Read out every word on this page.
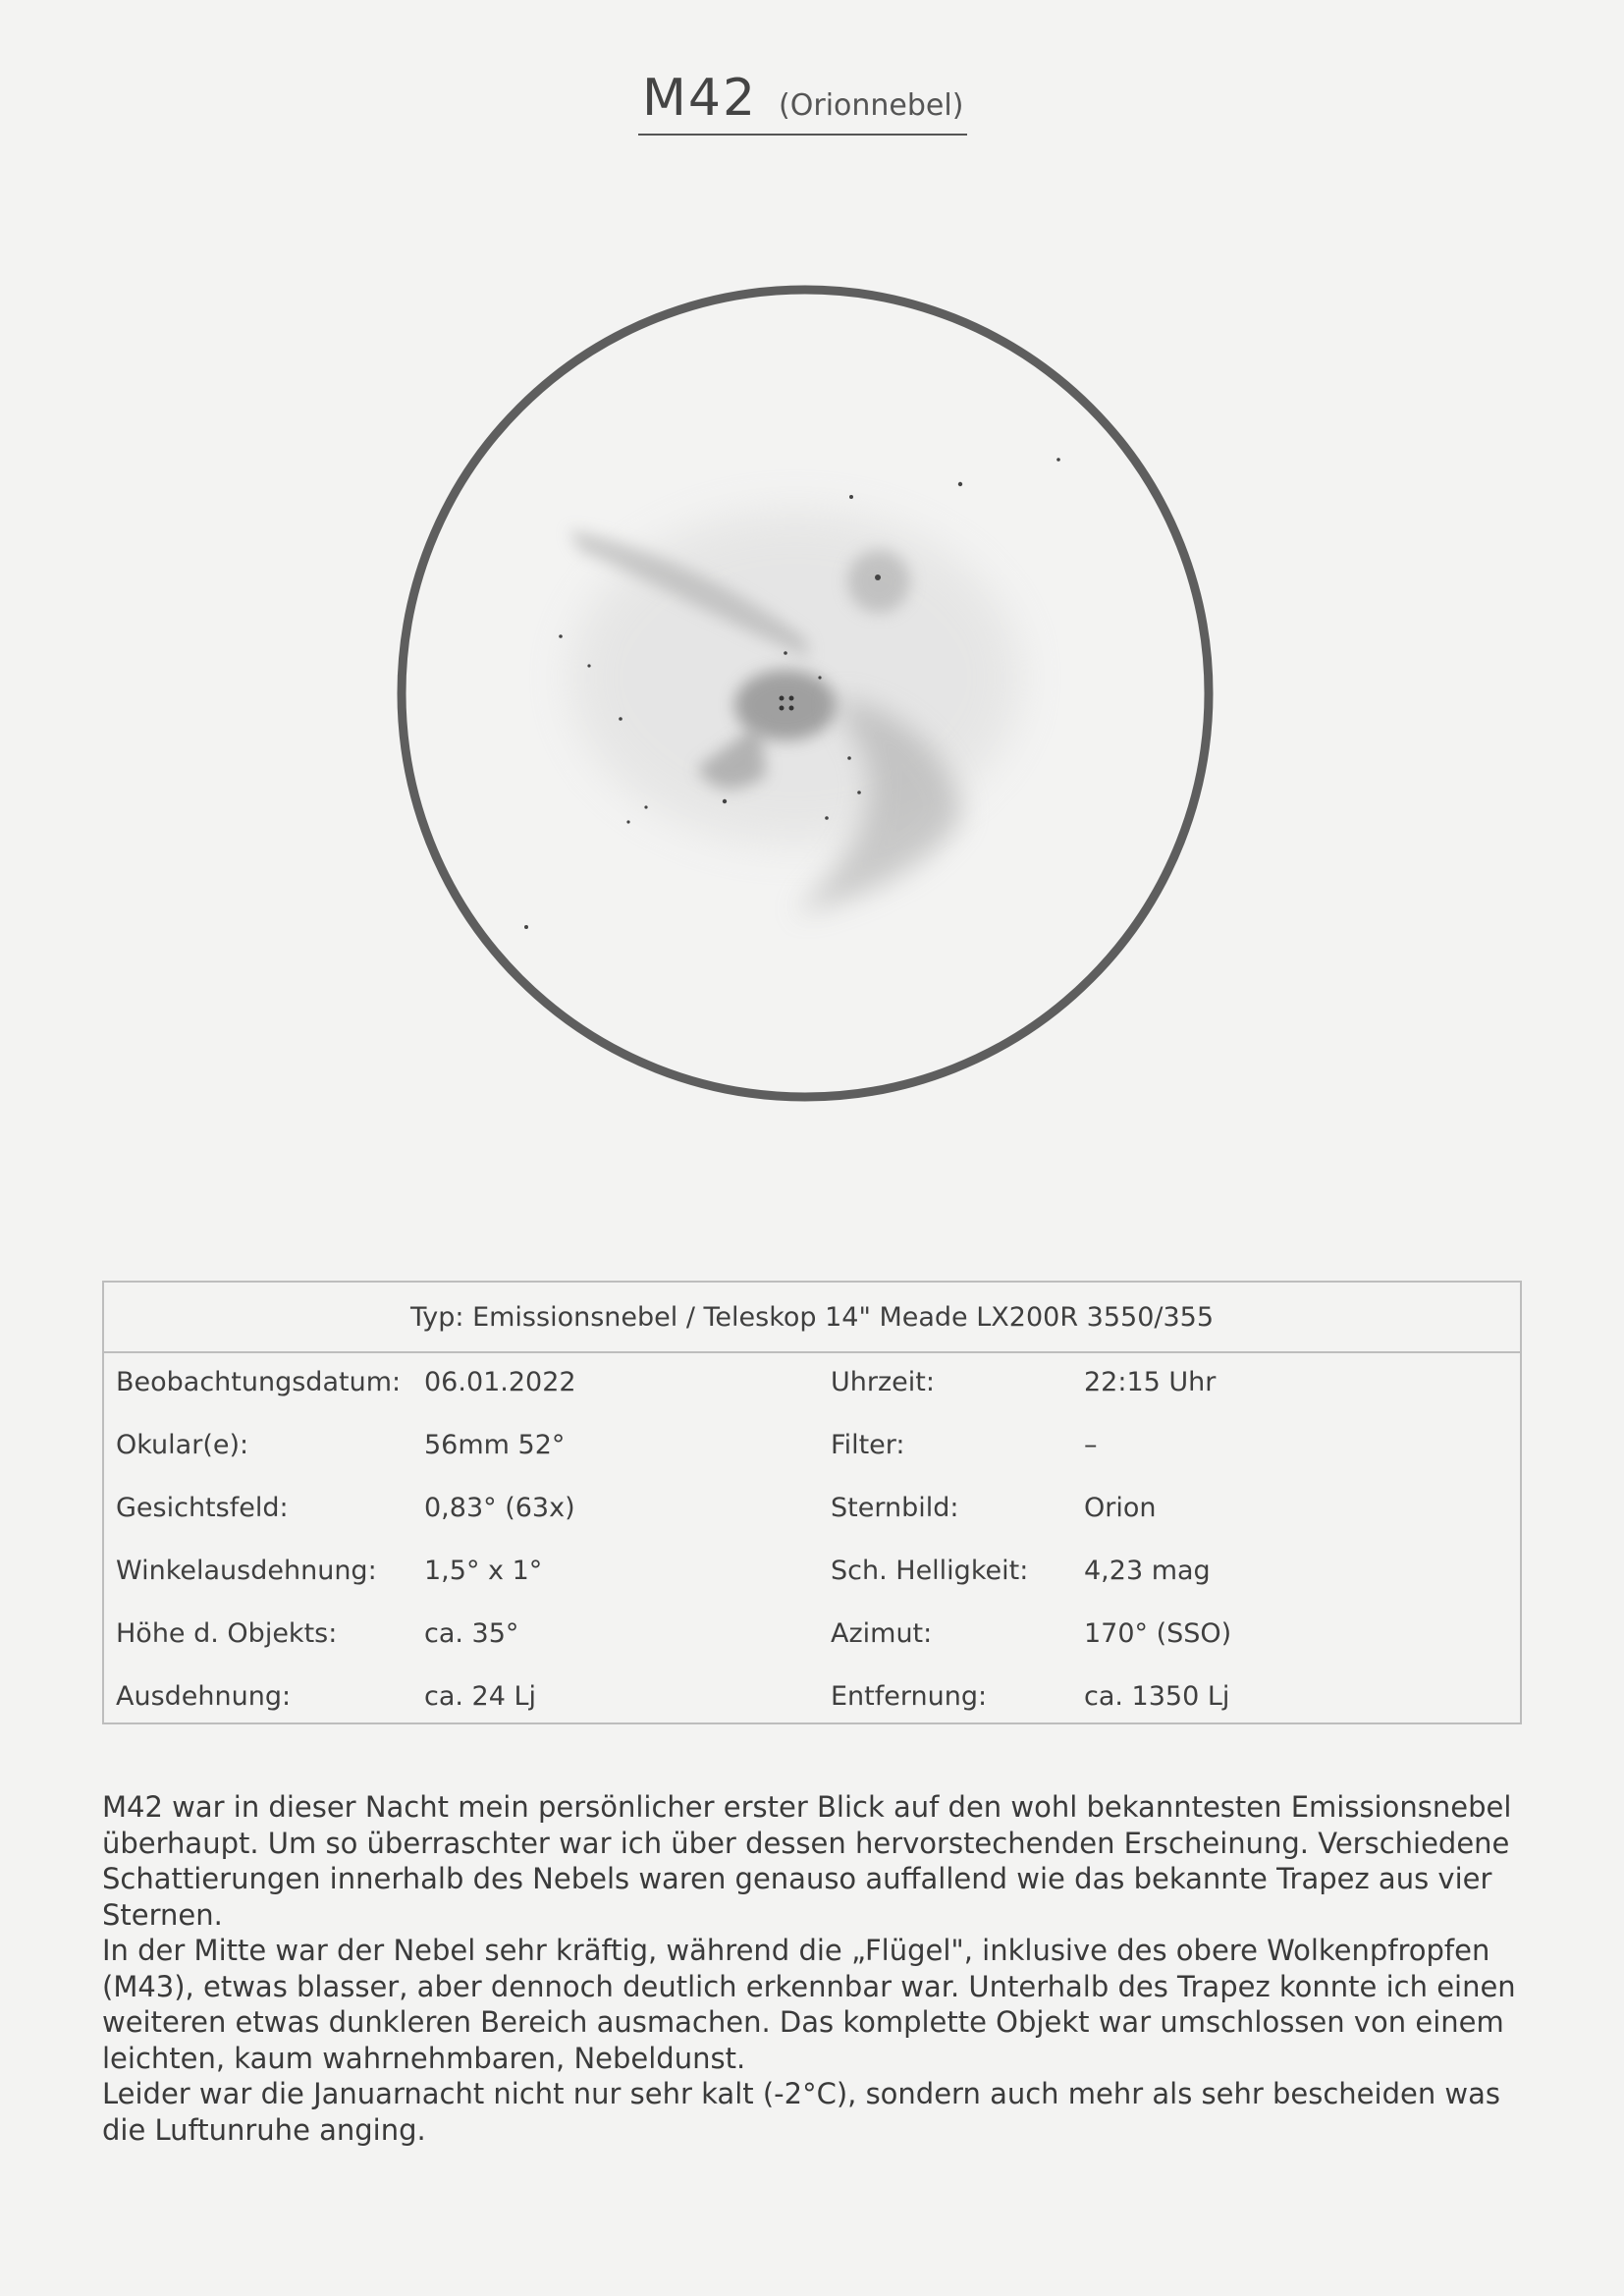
M42 (Orionnebel)
Typ: Emissionsnebel / Teleskop 14" Meade LX200R 3550/355
Beobachtungsdatum: 06.01.2022	Uhrzeit:	22:15 Uhr
Okular(e):	56mm 52°	Filter:	–
Gesichtsfeld:	0,83° (63x)	Sternbild:	Orion
Winkelausdehnung: 1,5° x 1°	Sch. Helligkeit: 4,23 mag
Höhe d. Objekts:	ca. 35°	Azimut:	170° (SSO)
Ausdehnung:	ca. 24 Lj	Entfernung:	ca. 1350 Lj

M42 war in dieser Nacht mein persönlicher erster Blick auf den wohl bekanntesten Emissionsnebel überhaupt. Um so überraschter war ich über dessen hervorstechenden Erscheinung. Verschiedene Schattierungen innerhalb des Nebels waren genauso auffallend wie das bekannte Trapez aus vier Sternen.

In der Mitte war der Nebel sehr kräftig, während die „Flügel", inklusive des obere Wolkenpfropfen (M43), etwas blasser, aber dennoch deutlich erkennbar war. Unterhalb des Trapez konnte ich einen weiteren etwas dunkleren Bereich ausmachen. Das komplette Objekt war umschlossen von einem leichten, kaum wahrnehmbaren, Nebeldunst.

Leider war die Januarnacht nicht nur sehr kalt (-2°C), sondern auch mehr als sehr bescheiden was die Luftunruhe anging.
